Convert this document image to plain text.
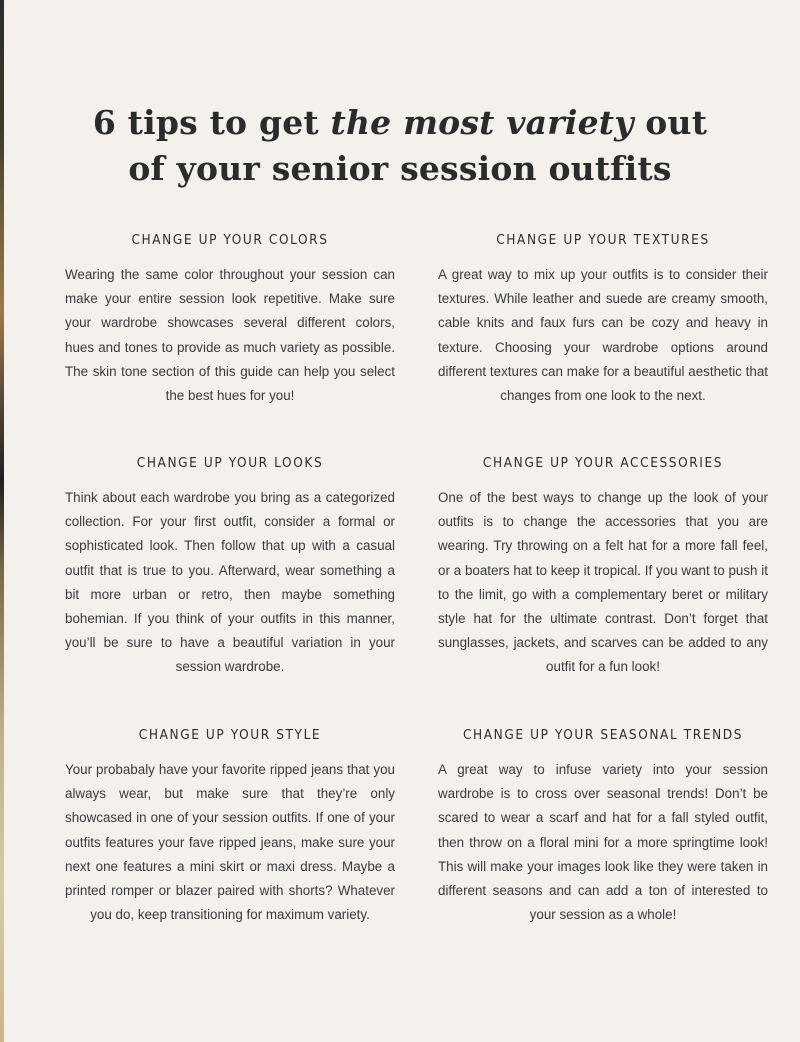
6 tips to get the most variety out
of your senior session outfits
CHANGE UP YOUR COLORS

Wearing the same color throughout your session can make your entire session look repetitive. Make sure your wardrobe showcases several different colors, hues and tones to provide as much variety as possible. The skin tone section of this guide can help you select the best hues for you!

CHANGE UP YOUR TEXTURES

A great way to mix up your outfits is to consider their textures. While leather and suede are creamy smooth, cable knits and faux furs can be cozy and heavy in texture. Choosing your wardrobe options around different textures can make for a beautiful aesthetic that changes from one look to the next.

CHANGE UP YOUR LOOKS

Think about each wardrobe you bring as a categorized collection. For your first outfit, consider a formal or sophisticated look. Then follow that up with a casual outfit that is true to you. Afterward, wear something a bit more urban or retro, then maybe something bohemian. If you think of your outfits in this manner, you’ll be sure to have a beautiful variation in your session wardrobe.

CHANGE UP YOUR ACCESSORIES

One of the best ways to change up the look of your outfits is to change the accessories that you are wearing. Try throwing on a felt hat for a more fall feel, or a boaters hat to keep it tropical. If you want to push it to the limit, go with a complementary beret or military style hat for the ultimate contrast. Don’t forget that sunglasses, jackets, and scarves can be added to any outfit for a fun look!

CHANGE UP YOUR STYLE

Your probabaly have your favorite ripped jeans that you always wear, but make sure that they’re only showcased in one of your session outfits. If one of your outfits features your fave ripped jeans, make sure your next one features a mini skirt or maxi dress. Maybe a printed romper or blazer paired with shorts? Whatever you do, keep transitioning for maximum variety.

CHANGE UP YOUR SEASONAL TRENDS

A great way to infuse variety into your session wardrobe is to cross over seasonal trends! Don’t be scared to wear a scarf and hat for a fall styled outfit, then throw on a floral mini for a more springtime look! This will make your images look like they were taken in different seasons and can add a ton of interested to your session as a whole!
